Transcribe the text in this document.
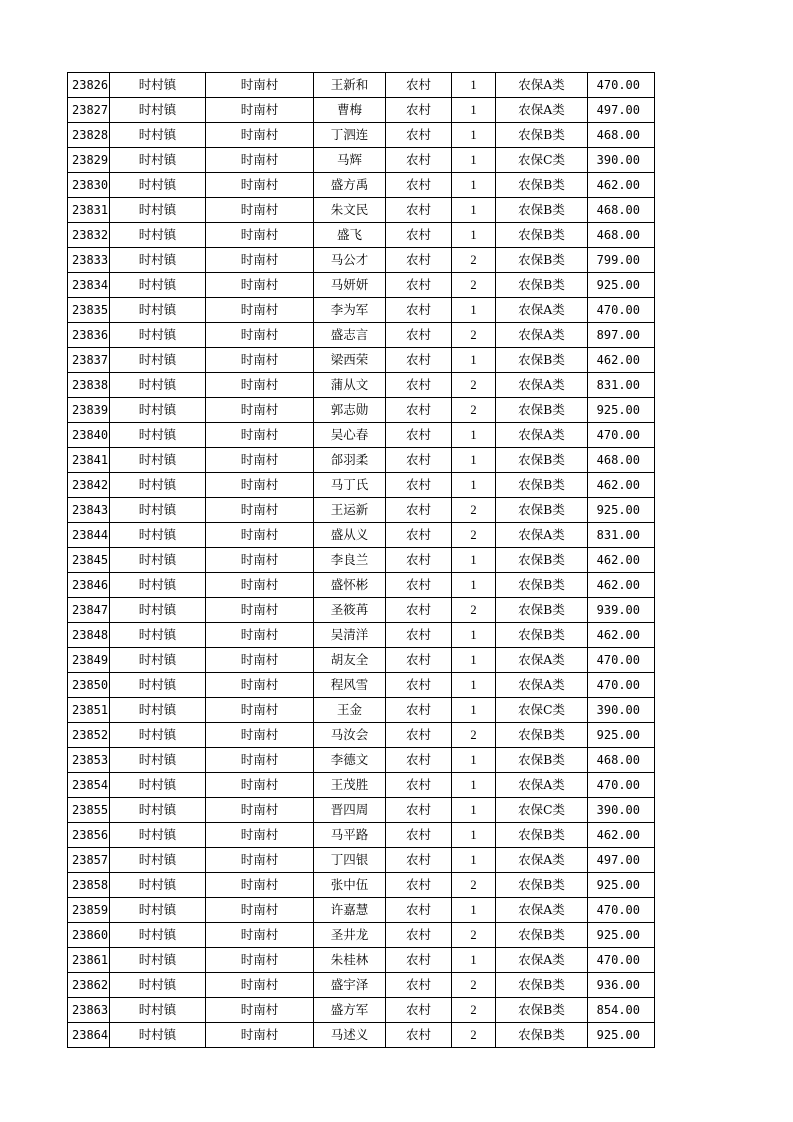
23826	时村镇	时南村	王新和	农村	1	农保A类	470.00
23827	时村镇	时南村	曹梅	农村	1	农保A类	497.00
23828	时村镇	时南村	丁泗连	农村	1	农保B类	468.00
23829	时村镇	时南村	马辉	农村	1	农保C类	390.00
23830	时村镇	时南村	盛方禹	农村	1	农保B类	462.00
23831	时村镇	时南村	朱文民	农村	1	农保B类	468.00
23832	时村镇	时南村	盛飞	农村	1	农保B类	468.00
23833	时村镇	时南村	马公才	农村	2	农保B类	799.00
23834	时村镇	时南村	马妍妍	农村	2	农保B类	925.00
23835	时村镇	时南村	李为军	农村	1	农保A类	470.00
23836	时村镇	时南村	盛志言	农村	2	农保A类	897.00
23837	时村镇	时南村	梁西荣	农村	1	农保B类	462.00
23838	时村镇	时南村	蒲从文	农村	2	农保A类	831.00
23839	时村镇	时南村	郭志勋	农村	2	农保B类	925.00
23840	时村镇	时南村	吴心春	农村	1	农保A类	470.00
23841	时村镇	时南村	郃羽柔	农村	1	农保B类	468.00
23842	时村镇	时南村	马丁氏	农村	1	农保B类	462.00
23843	时村镇	时南村	王运新	农村	2	农保B类	925.00
23844	时村镇	时南村	盛从义	农村	2	农保A类	831.00
23845	时村镇	时南村	李良兰	农村	1	农保B类	462.00
23846	时村镇	时南村	盛怀彬	农村	1	农保B类	462.00
23847	时村镇	时南村	圣筱苒	农村	2	农保B类	939.00
23848	时村镇	时南村	吴清洋	农村	1	农保B类	462.00
23849	时村镇	时南村	胡友全	农村	1	农保A类	470.00
23850	时村镇	时南村	程风雪	农村	1	农保A类	470.00
23851	时村镇	时南村	王金	农村	1	农保C类	390.00
23852	时村镇	时南村	马汝会	农村	2	农保B类	925.00
23853	时村镇	时南村	李德文	农村	1	农保B类	468.00
23854	时村镇	时南村	王茂胜	农村	1	农保A类	470.00
23855	时村镇	时南村	晋四周	农村	1	农保C类	390.00
23856	时村镇	时南村	马平路	农村	1	农保B类	462.00
23857	时村镇	时南村	丁四银	农村	1	农保A类	497.00
23858	时村镇	时南村	张中伍	农村	2	农保B类	925.00
23859	时村镇	时南村	许嘉慧	农村	1	农保A类	470.00
23860	时村镇	时南村	圣井龙	农村	2	农保B类	925.00
23861	时村镇	时南村	朱桂林	农村	1	农保A类	470.00
23862	时村镇	时南村	盛宇泽	农村	2	农保B类	936.00
23863	时村镇	时南村	盛方军	农村	2	农保B类	854.00
23864	时村镇	时南村	马述义	农村	2	农保B类	925.00
